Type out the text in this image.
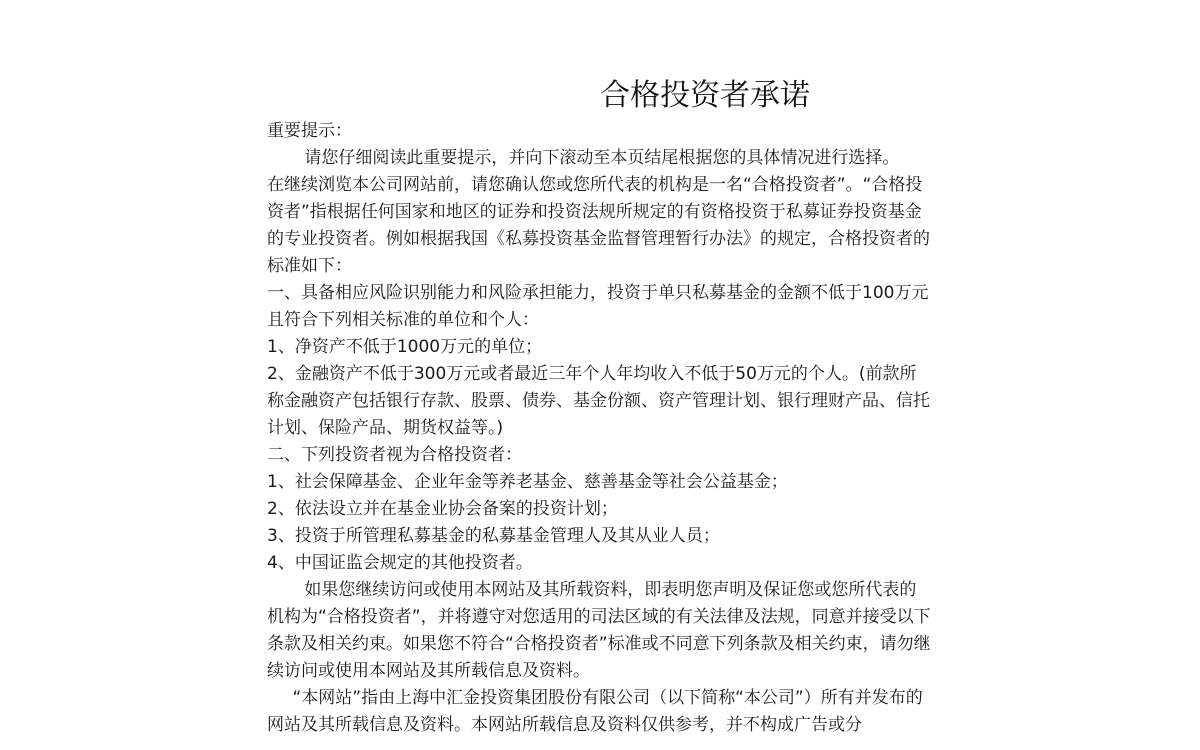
合格投资者承诺

重要提示：

请您仔细阅读此重要提示，并向下滚动至本页结尾根据您的具体情况进行选择。

在继续浏览本公司网站前，请您确认您或您所代表的机构是一名“合格投资者”。“合格投资者”指根据任何国家和地区的证券和投资法规所规定的有资格投资于私募证券投资基金的专业投资者。例如根据我国《私募投资基金监督管理暂行办法》的规定，合格投资者的标准如下：

一、具备相应风险识别能力和风险承担能力，投资于单只私募基金的金额不低于100万元且符合下列相关标准的单位和个人：

1、净资产不低于1000万元的单位；

2、金融资产不低于300万元或者最近三年个人年均收入不低于50万元的个人。(前款所称金融资产包括银行存款、股票、债券、基金份额、资产管理计划、银行理财产品、信托计划、保险产品、期货权益等。)

二、下列投资者视为合格投资者：

1、社会保障基金、企业年金等养老基金、慈善基金等社会公益基金；

2、依法设立并在基金业协会备案的投资计划；

3、投资于所管理私募基金的私募基金管理人及其从业人员；

4、中国证监会规定的其他投资者。

如果您继续访问或使用本网站及其所载资料，即表明您声明及保证您或您所代表的机构为“合格投资者”，并将遵守对您适用的司法区域的有关法律及法规，同意并接受以下条款及相关约束。如果您不符合“合格投资者”标准或不同意下列条款及相关约束，请勿继续访问或使用本网站及其所载信息及资料。

“本网站”指由上海中汇金投资集团股份有限公司（以下简称“本公司”）所有并发布的网站及其所载信息及资料。本网站所载信息及资料仅供参考，并不构成广告或分
